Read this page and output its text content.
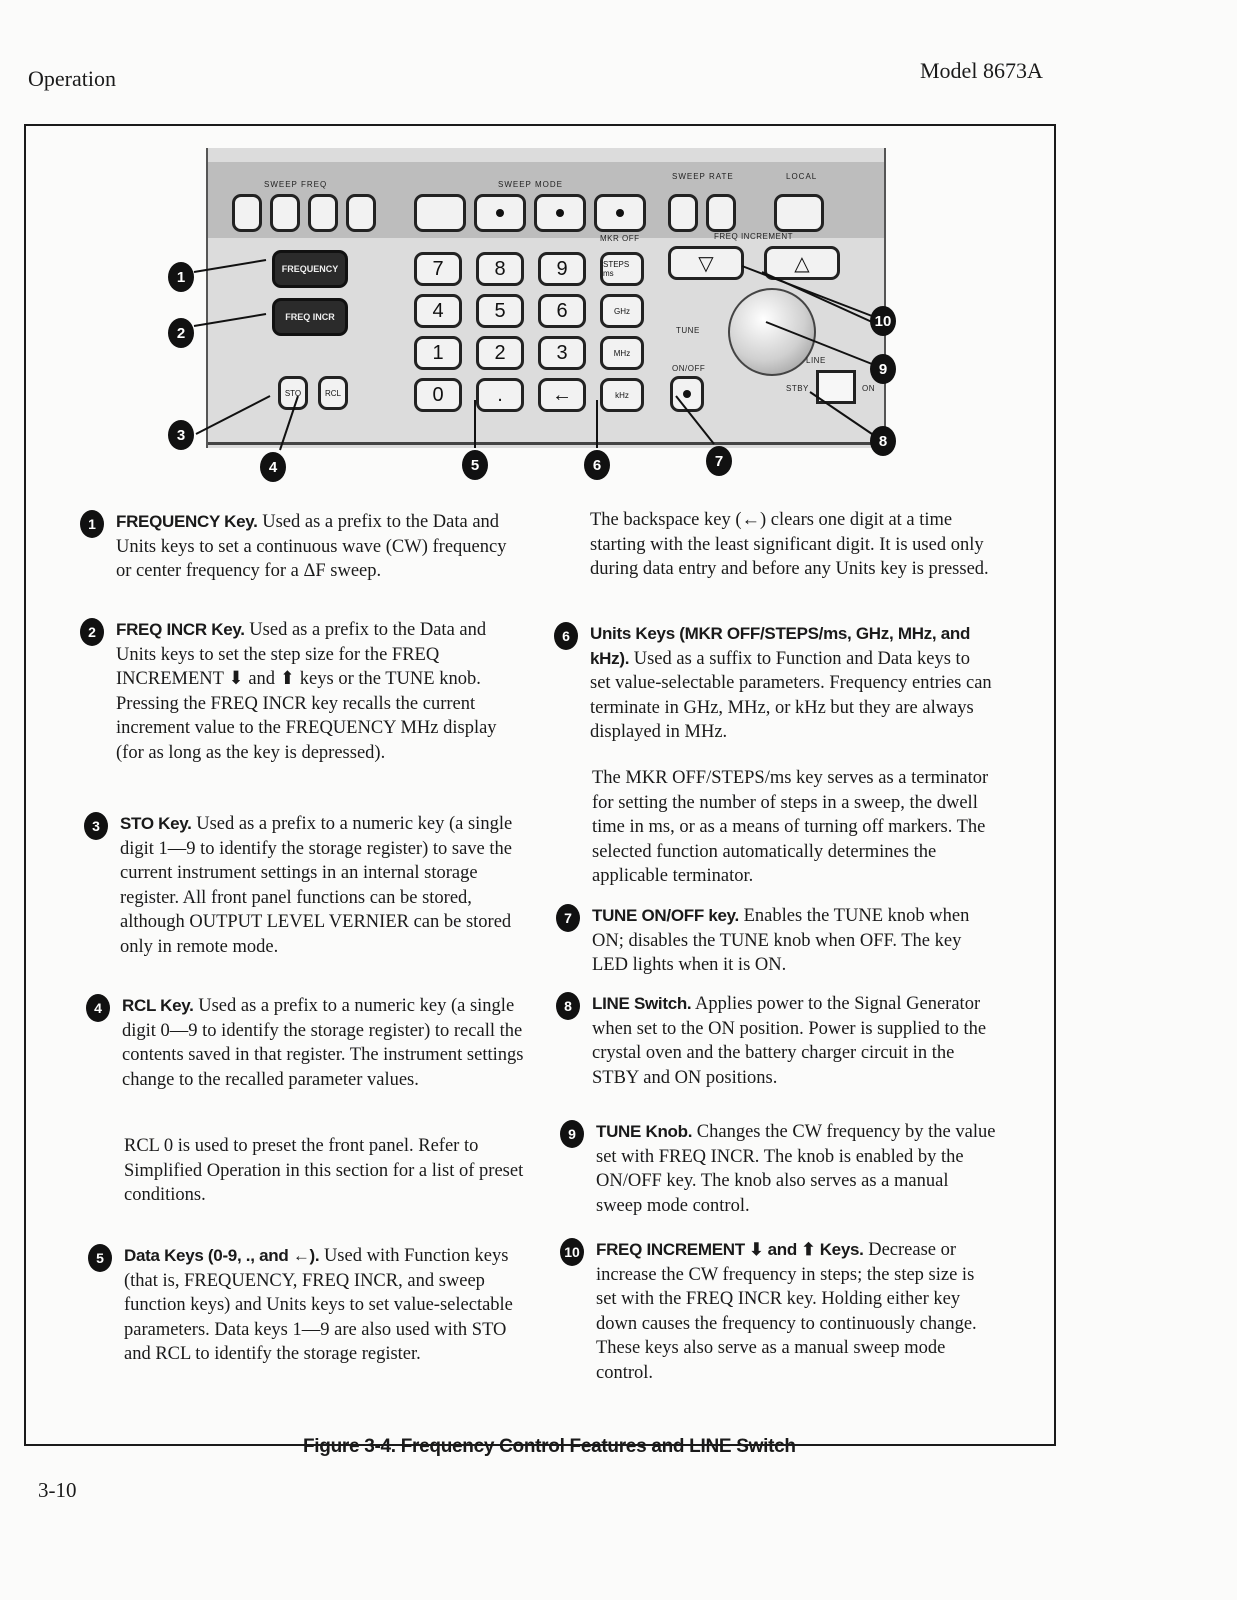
Operation	Model 8673A
SWEEP FREQ	SWEEP MODE
SWEEP RATE	LOCAL
FREQUENCY
FREQ INCR
STO	RCL
MKR OFF	FREQ INCREMENT
7	8	9
4	5	6
1	2	3
0	.	←
STEPS ms
GHz
MHz
kHz
▽	△
TUNE
ON/OFF
LINE
STBY	ON
1
2
3
4	5	6	7
8
9
10
1	FREQUENCY Key. Used as a prefix to the Data and Units keys to set a continuous wave (CW) frequency or center frequency for a ΔF sweep.
2	FREQ INCR Key. Used as a prefix to the Data and Units keys to set the step size for the FREQ INCREMENT ⬇ and ⬆ keys or the TUNE knob. Pressing the FREQ INCR key recalls the current increment value to the FREQUENCY MHz display (for as long as the key is depressed).
3	STO Key. Used as a prefix to a numeric key (a single digit 1—9 to identify the storage register) to save the current instrument settings in an internal storage register. All front panel functions can be stored, although OUTPUT LEVEL VERNIER can be stored only in remote mode.
4	RCL Key. Used as a prefix to a numeric key (a single digit 0—9 to identify the storage register) to recall the contents saved in that register. The instrument settings change to the recalled parameter values.
RCL 0 is used to preset the front panel. Refer to Simplified Operation in this section for a list of preset conditions.
5	Data Keys (0-9, ., and ←). Used with Function keys (that is, FREQUENCY, FREQ INCR, and sweep function keys) and Units keys to set value-selectable parameters. Data keys 1—9 are also used with STO and RCL to identify the storage register.
The backspace key (←) clears one digit at a time starting with the least significant digit. It is used only during data entry and before any Units key is pressed.
6	Units Keys (MKR OFF/STEPS/ms, GHz, MHz, and kHz). Used as a suffix to Function and Data keys to set value-selectable parameters. Frequency entries can terminate in GHz, MHz, or kHz but they are always displayed in MHz.
The MKR OFF/STEPS/ms key serves as a terminator for setting the number of steps in a sweep, the dwell time in ms, or as a means of turning off markers. The selected function automatically determines the applicable terminator.
7	TUNE ON/OFF key. Enables the TUNE knob when ON; disables the TUNE knob when OFF. The key LED lights when it is ON.
8	LINE Switch. Applies power to the Signal Generator when set to the ON position. Power is supplied to the crystal oven and the battery charger circuit in the STBY and ON positions.
9	TUNE Knob. Changes the CW frequency by the value set with FREQ INCR. The knob is enabled by the ON/OFF key. The knob also serves as a manual sweep mode control.
10 FREQ INCREMENT ⬇ and ⬆ Keys. Decrease or increase the CW frequency in steps; the step size is set with the FREQ INCR key. Holding either key down causes the frequency to continuously change. These keys also serve as a manual sweep mode control.
Figure 3-4. Frequency Control Features and LINE Switch
3-10
